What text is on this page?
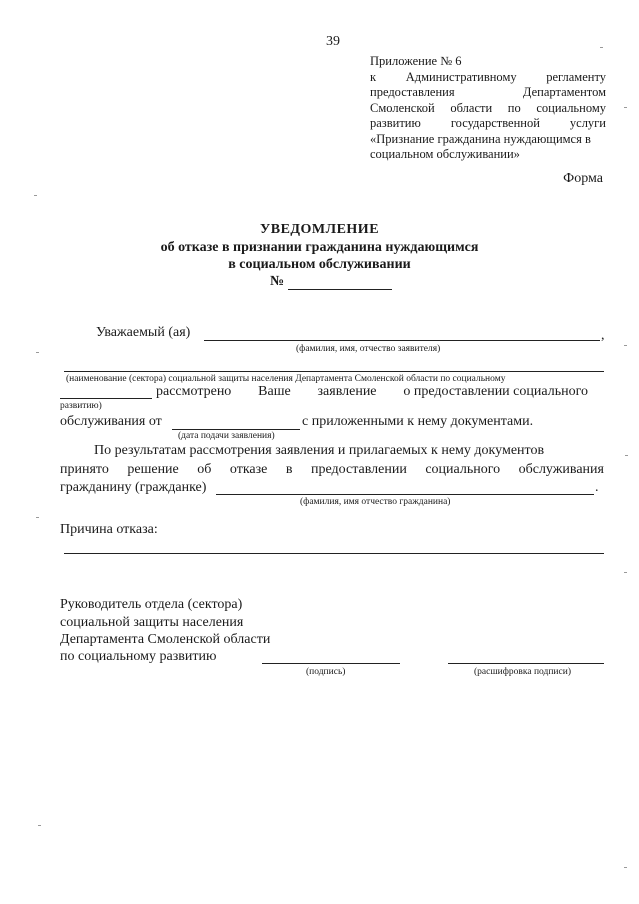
39
Приложение № 6
к Административному регламенту
предоставления	Департаментом
Смоленской области по социальному
развитию государственной услуги
«Признание гражданина нуждающимся в
социальном обслуживании»
Форма
УВЕДОМЛЕНИЕ
об отказе в признании гражданина нуждающимся
в социальном обслуживании
№
Уважаемый (ая)	,
(фамилия, имя, отчество заявителя)
(наименование (сектора) социальной защиты населения Департамента Смоленской области по социальному
рассмотрено Ваше заявление о предоставлении социального
развитию)
обслуживания от	с приложенными к нему документами.
(дата подачи заявления)
По результатам рассмотрения заявления и прилагаемых к нему документов
принято решение об отказе в предоставлении социального обслуживания
гражданину (гражданке)	.
(фамилия, имя отчество гражданина)
Причина отказа:
Руководитель отдела (сектора)
социальной защиты населения
Департамента Смоленской области
по социальному развитию
(подпись)	(расшифровка подписи)
